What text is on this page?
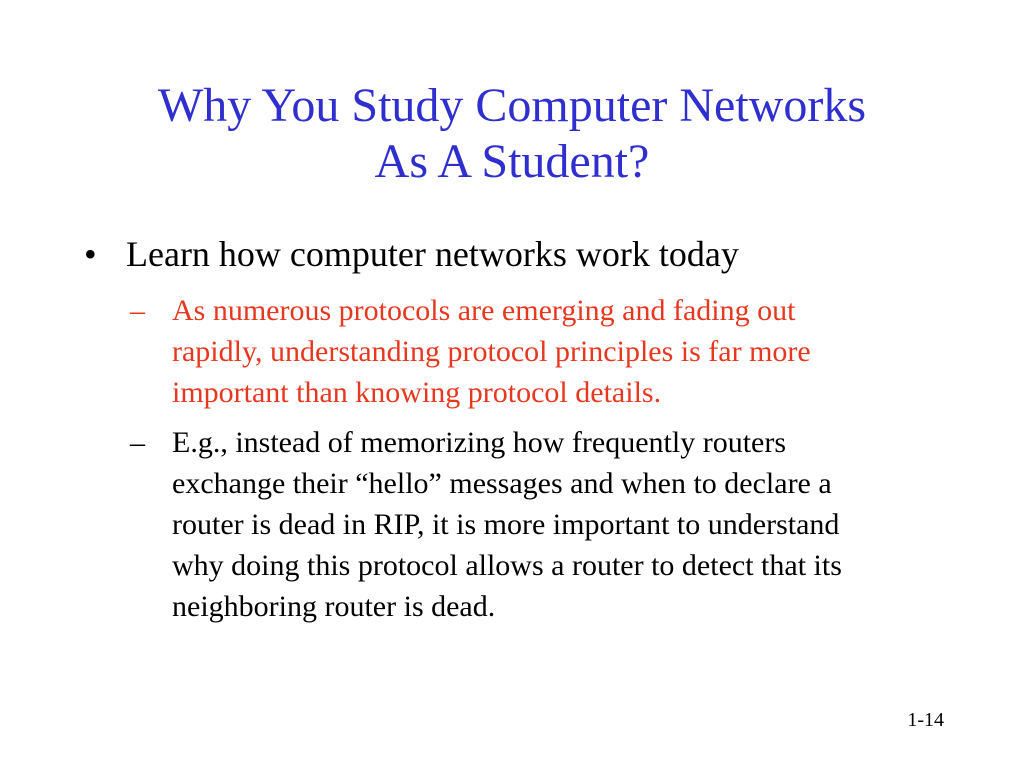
Why You Study Computer Networks
As A Student?
• Learn how computer networks work today
– As numerous protocols are emerging and fading out
rapidly, understanding protocol principles is far more
important than knowing protocol details.
– E.g., instead of memorizing how frequently routers
exchange their “hello” messages and when to declare a
router is dead in RIP, it is more important to understand
why doing this protocol allows a router to detect that its
neighboring router is dead.
1-14
